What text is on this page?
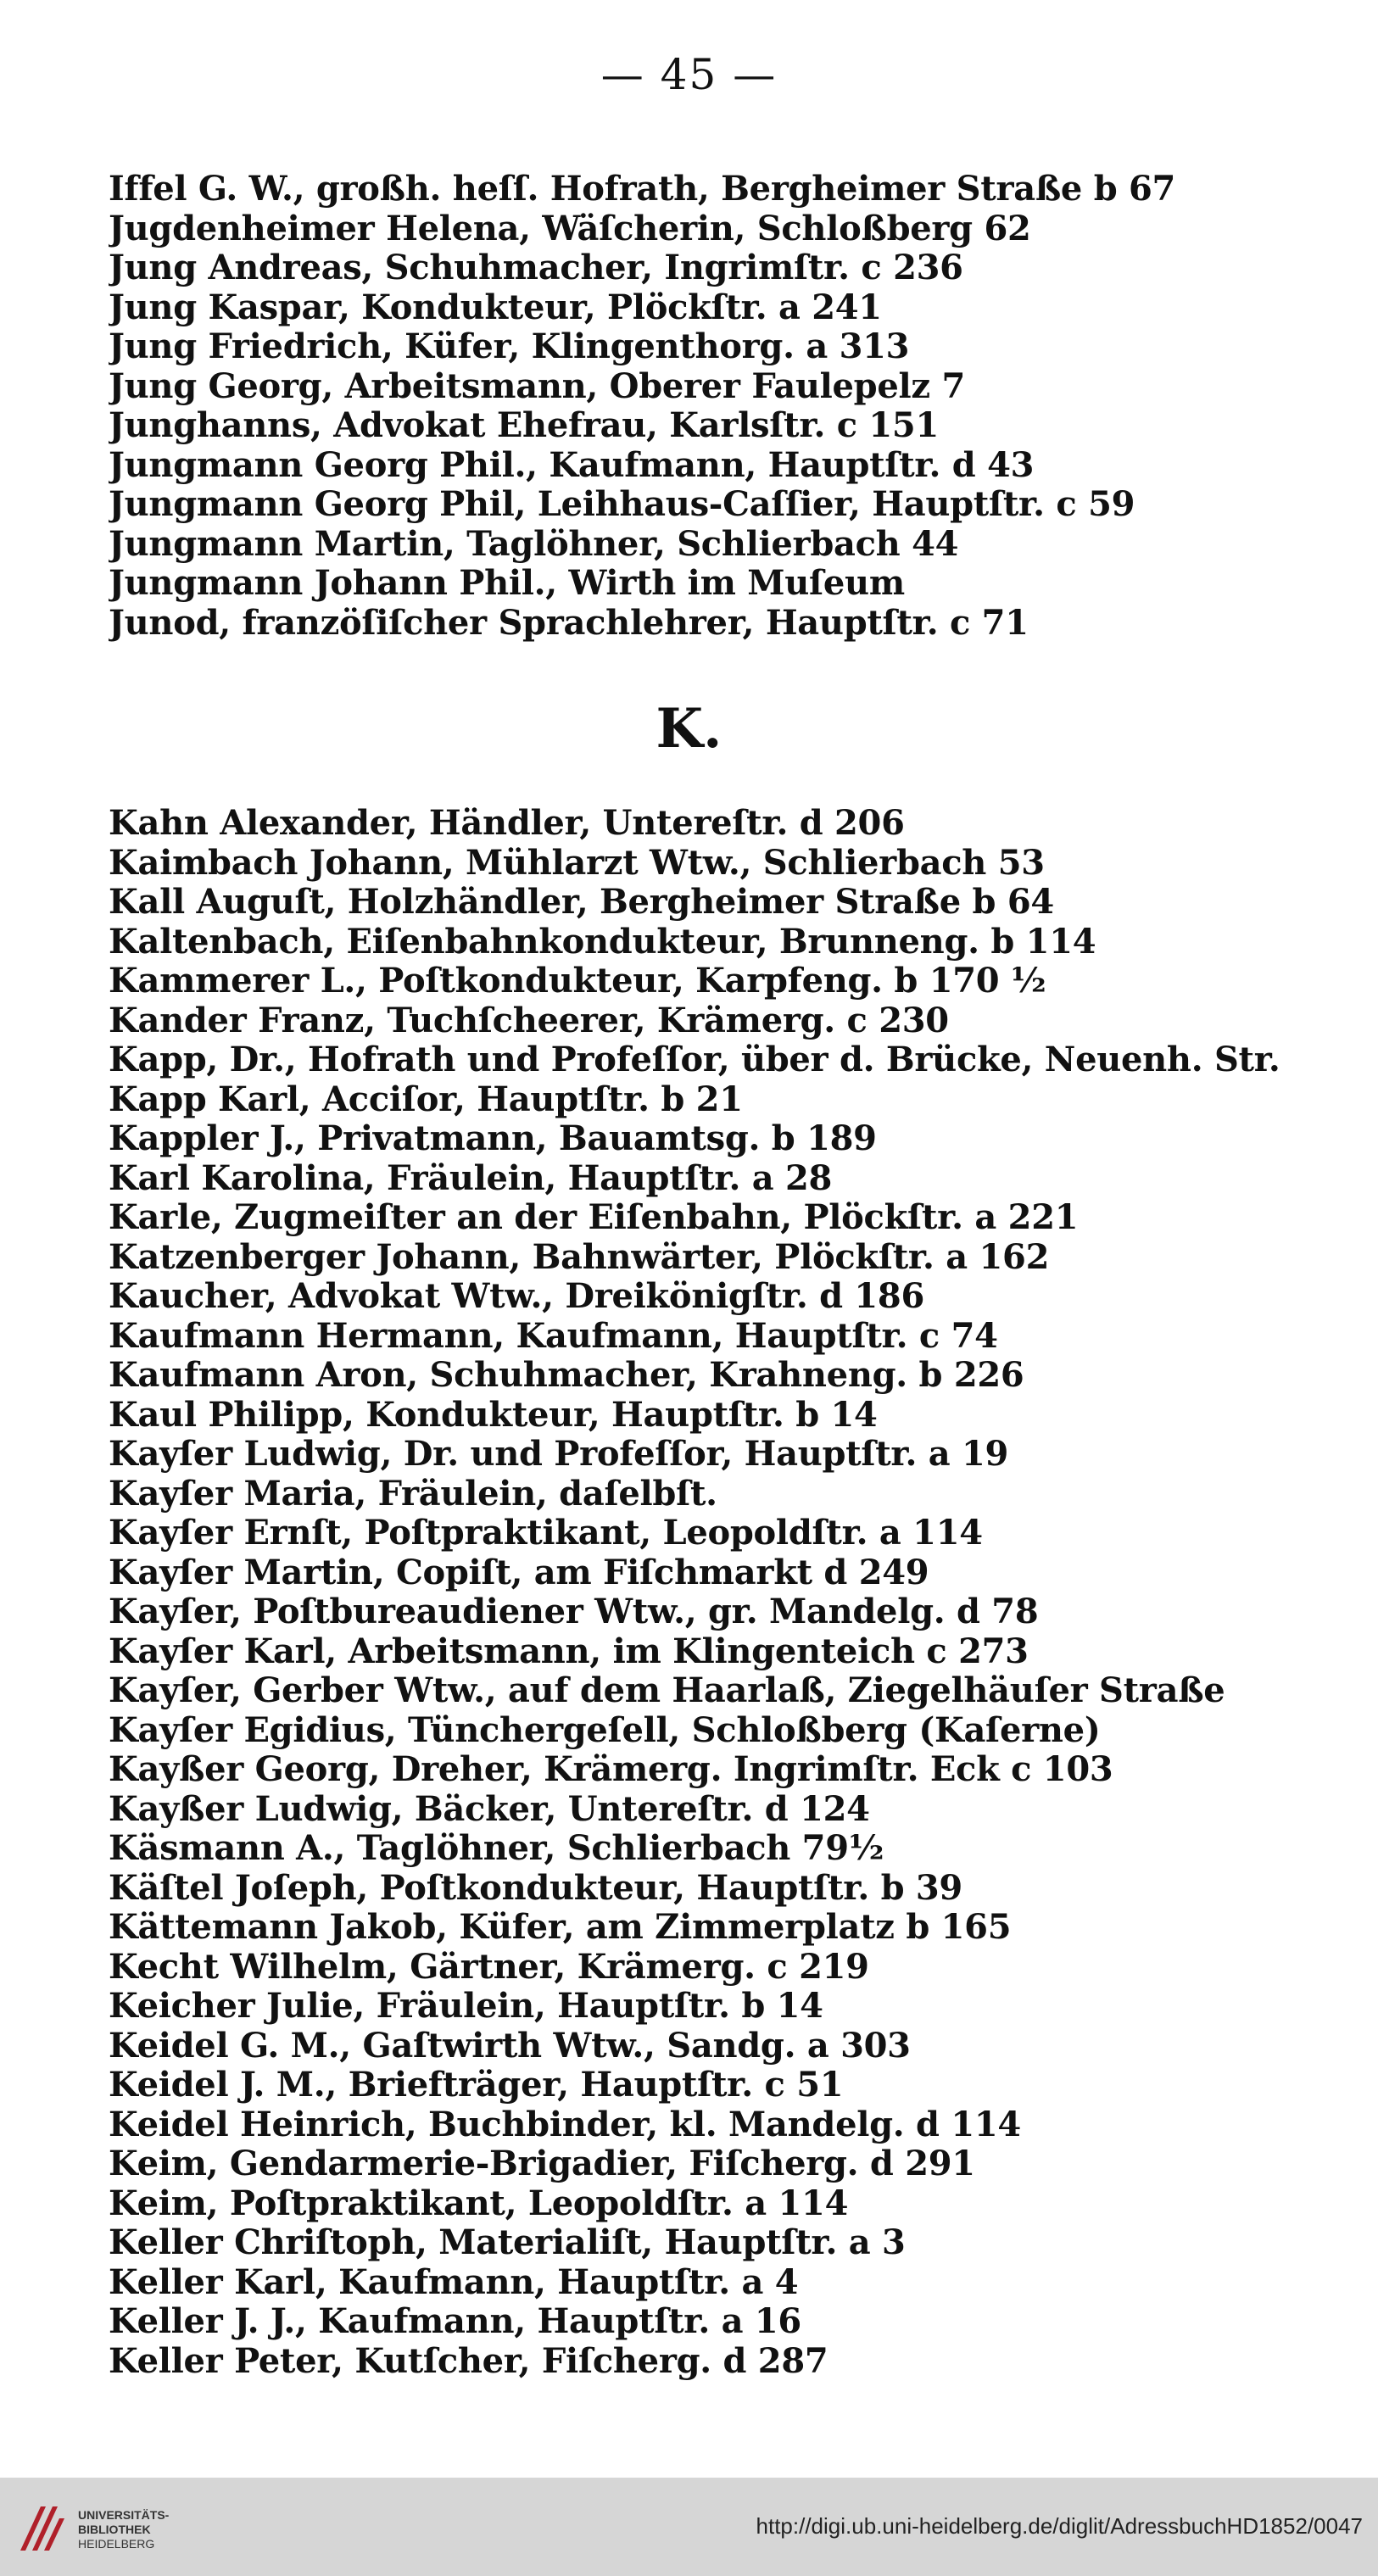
— 45 —
Iffel G. W., großh. heſſ. Hofrath, Bergheimer Straße b 67
Jugdenheimer Helena, Wäſcherin, Schloßberg 62
Jung Andreas, Schuhmacher, Ingrimſtr. c 236
Jung Kaspar, Kondukteur, Plöckſtr. a 241
Jung Friedrich, Küfer, Klingenthorg. a 313
Jung Georg, Arbeitsmann, Oberer Faulepelz 7
Junghanns, Advokat Ehefrau, Karlsſtr. c 151
Jungmann Georg Phil., Kaufmann, Hauptſtr. d 43
Jungmann Georg Phil, Leihhaus-Caſſier, Hauptſtr. c 59
Jungmann Martin, Taglöhner, Schlierbach 44
Jungmann Johann Phil., Wirth im Muſeum
Junod, franzöſiſcher Sprachlehrer, Hauptſtr. c 71
K.
Kahn Alexander, Händler, Untereſtr. d 206
Kaimbach Johann, Mühlarzt Wtw., Schlierbach 53
Kall Auguſt, Holzhändler, Bergheimer Straße b 64
Kaltenbach, Eiſenbahnkondukteur, Brunneng. b 114
Kammerer L., Poſtkondukteur, Karpfeng. b 170 ½
Kander Franz, Tuchſcheerer, Krämerg. c 230
Kapp, Dr., Hofrath und Profeſſor, über d. Brücke, Neuenh. Str.
Kapp Karl, Acciſor, Hauptſtr. b 21
Kappler J., Privatmann, Bauamtsg. b 189
Karl Karolina, Fräulein, Hauptſtr. a 28
Karle, Zugmeiſter an der Eiſenbahn, Plöckſtr. a 221
Katzenberger Johann, Bahnwärter, Plöckſtr. a 162
Kaucher, Advokat Wtw., Dreikönigſtr. d 186
Kaufmann Hermann, Kaufmann, Hauptſtr. c 74
Kaufmann Aron, Schuhmacher, Krahneng. b 226
Kaul Philipp, Kondukteur, Hauptſtr. b 14
Kayſer Ludwig, Dr. und Profeſſor, Hauptſtr. a 19
Kayſer Maria, Fräulein, daſelbſt.
Kayſer Ernſt, Poſtpraktikant, Leopoldſtr. a 114
Kayſer Martin, Copiſt, am Fiſchmarkt d 249
Kayſer, Poſtbureaudiener Wtw., gr. Mandelg. d 78
Kayſer Karl, Arbeitsmann, im Klingenteich c 273
Kayſer, Gerber Wtw., auf dem Haarlaß, Ziegelhäuſer Straße
Kayſer Egidius, Tünchergeſell, Schloßberg (Kaſerne)
Kayßer Georg, Dreher, Krämerg. Ingrimſtr. Eck c 103
Kayßer Ludwig, Bäcker, Untereſtr. d 124
Käsmann A., Taglöhner, Schlierbach 79½
Käſtel Joſeph, Poſtkondukteur, Hauptſtr. b 39
Kättemann Jakob, Küfer, am Zimmerplatz b 165
Kecht Wilhelm, Gärtner, Krämerg. c 219
Keicher Julie, Fräulein, Hauptſtr. b 14
Keidel G. M., Gaſtwirth Wtw., Sandg. a 303
Keidel J. M., Briefträger, Hauptſtr. c 51
Keidel Heinrich, Buchbinder, kl. Mandelg. d 114
Keim, Gendarmerie-Brigadier, Fiſcherg. d 291
Keim, Poſtpraktikant, Leopoldſtr. a 114
Keller Chriſtoph, Materialiſt, Hauptſtr. a 3
Keller Karl, Kaufmann, Hauptſtr. a 4
Keller J. J., Kaufmann, Hauptſtr. a 16
Keller Peter, Kutſcher, Fiſcherg. d 287
UNIVERSITÄTS-
BIBLIOTHEK
HEIDELBERG
http://digi.ub.uni-heidelberg.de/diglit/AdressbuchHD1852/0047
